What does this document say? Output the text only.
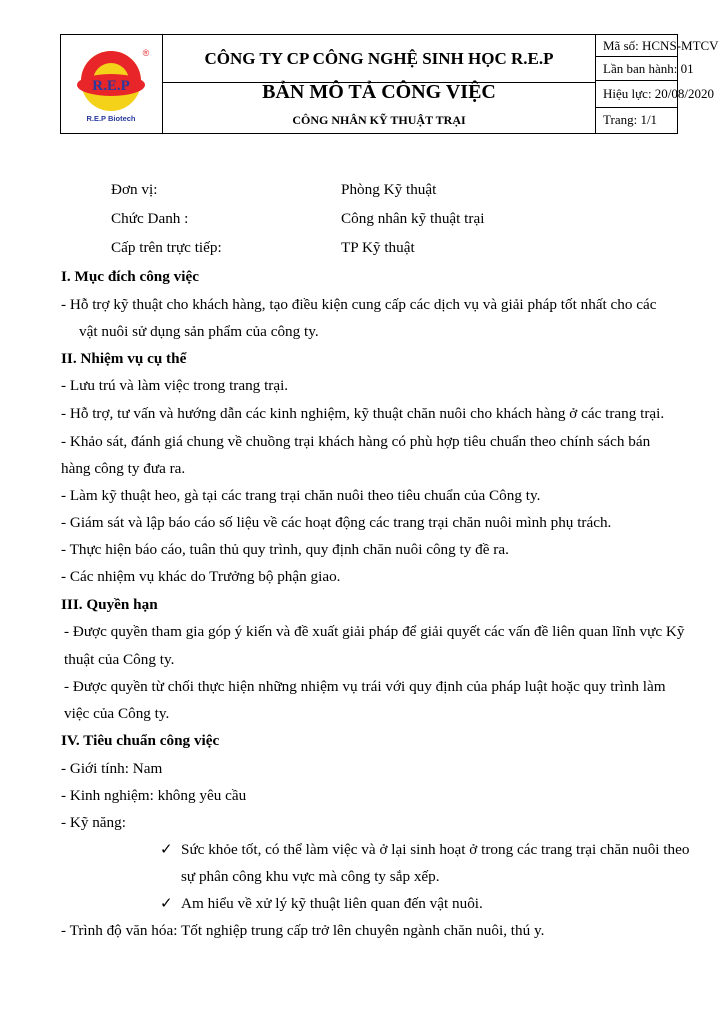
R.E.P
®
R.E.P Biotech
CÔNG TY CP CÔNG NGHỆ SINH HỌC R.E.P
BẢN MÔ TẢ CÔNG VIỆC
CÔNG NHÂN KỸ THUẬT TRẠI
Mã số: HCNS-MTCV
Lần ban hành: 01
Hiệu lực: 20/08/2020
Trang: 1/1
Đơn vị:	Phòng Kỹ thuật
Chức Danh :	Công nhân kỹ thuật trại
Cấp trên trực tiếp:	TP Kỹ thuật
I. Mục đích công việc
- Hỗ trợ kỹ thuật cho khách hàng, tạo điều kiện cung cấp các dịch vụ và giải pháp tốt nhất cho các
vật nuôi sử dụng sản phẩm của công ty.
II. Nhiệm vụ cụ thể
- Lưu trú và làm việc trong trang trại.
- Hỗ trợ, tư vấn và hướng dẫn các kinh nghiệm, kỹ thuật chăn nuôi cho khách hàng ở các trang trại.
- Khảo sát, đánh giá chung về chuồng trại khách hàng có phù hợp tiêu chuẩn theo chính sách bán
hàng công ty đưa ra.
- Làm kỹ thuật heo, gà tại các trang trại chăn nuôi theo tiêu chuẩn của Công ty.
- Giám sát và lập báo cáo số liệu về các hoạt động các trang trại chăn nuôi mình phụ trách.
- Thực hiện báo cáo, tuân thủ quy trình, quy định chăn nuôi công ty đề ra.
- Các nhiệm vụ khác do Trưởng bộ phận giao.
III. Quyền hạn
- Được quyền tham gia góp ý kiến và đề xuất giải pháp để giải quyết các vấn đề liên quan lĩnh vực Kỹ
thuật của Công ty.
- Được quyền từ chối thực hiện những nhiệm vụ trái với quy định của pháp luật hoặc quy trình làm
việc của Công ty.
IV. Tiêu chuẩn công việc
- Giới tính: Nam
- Kinh nghiệm: không yêu cầu
- Kỹ năng:
✓ Sức khỏe tốt, có thể làm việc và ở lại sinh hoạt ở trong các trang trại chăn nuôi theo
sự phân công khu vực mà công ty sắp xếp.
✓ Am hiểu về xử lý kỹ thuật liên quan đến vật nuôi.
- Trình độ văn hóa: Tốt nghiệp trung cấp trở lên chuyên ngành chăn nuôi, thú y.
